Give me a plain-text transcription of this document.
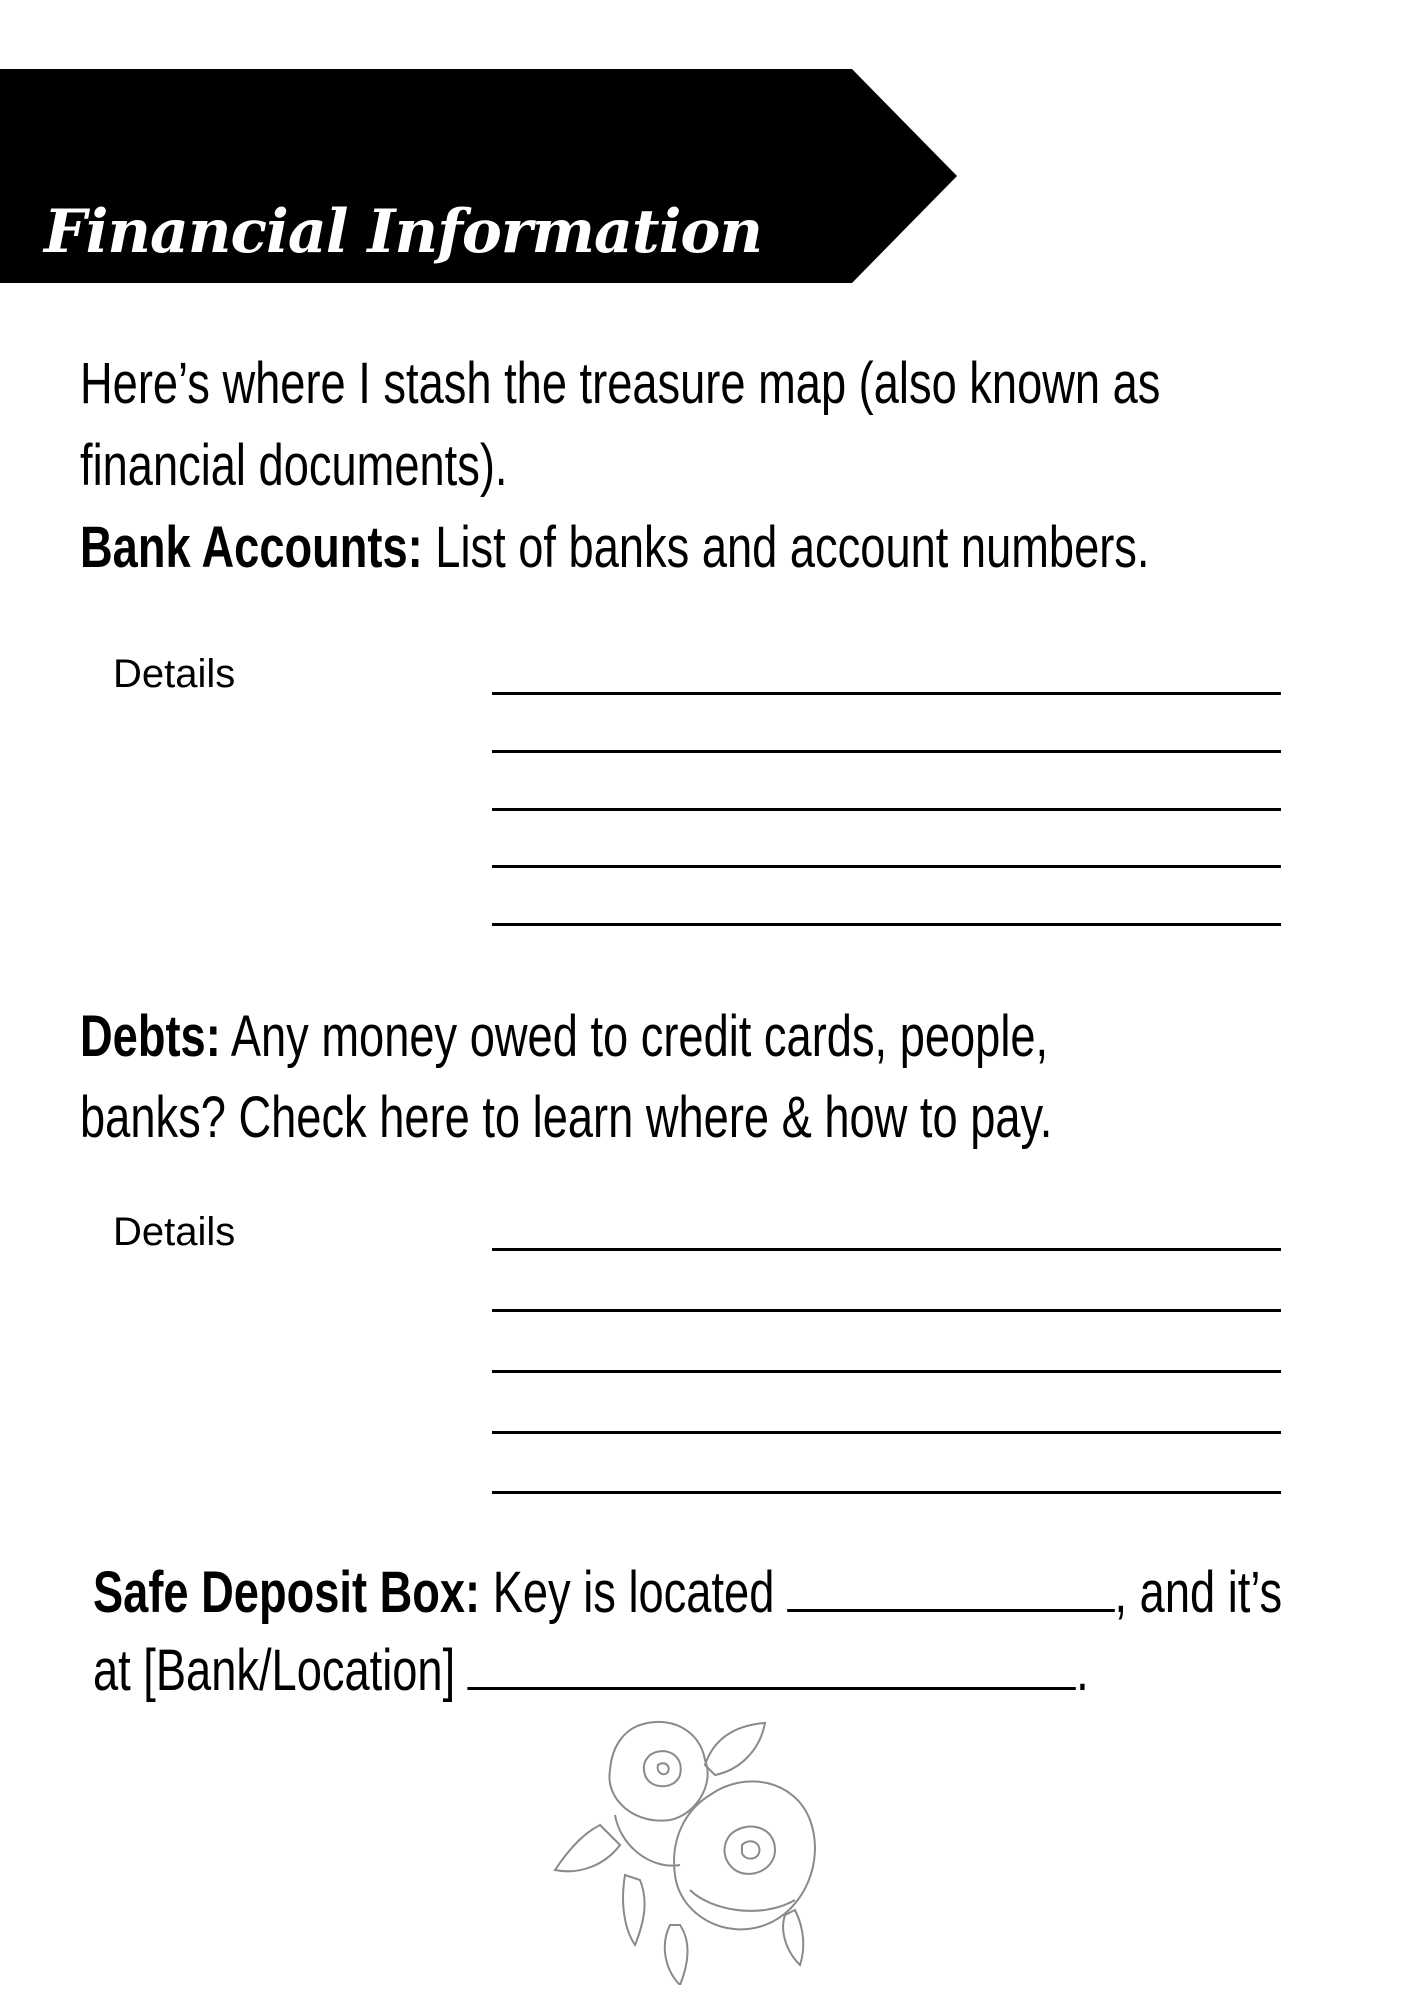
Financial Information
Here’s where I stash the treasure map (also known as
financial documents).
Bank Accounts: List of banks and account numbers.
Details
Debts: Any money owed to credit cards, people,
banks? Check here to learn where & how to pay.
Details
Safe Deposit Box: Key is located	, and it’s
at [Bank/Location]	.
